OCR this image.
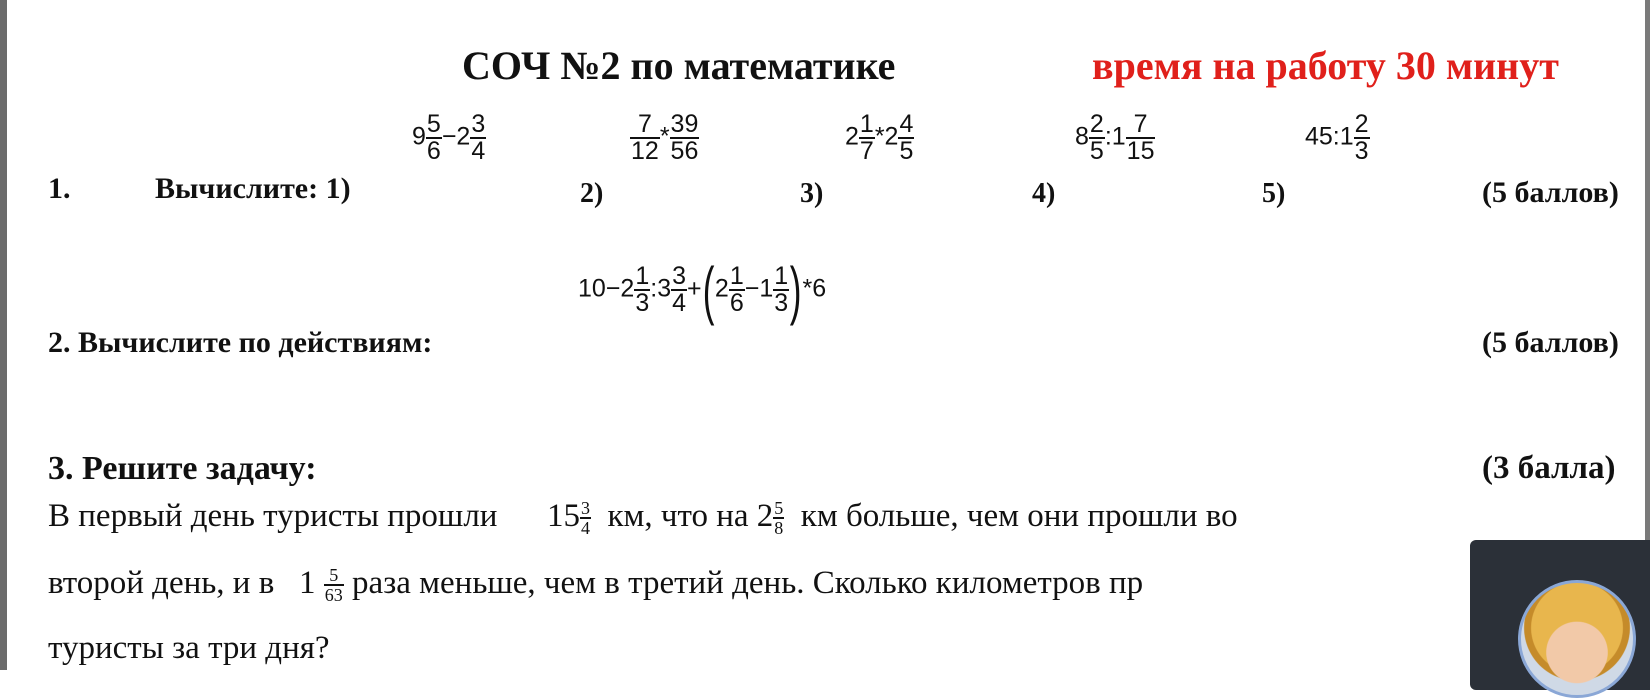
СОЧ №2 по математике	время на работу 30 минут
1.	Вычислите: 1)
$9 \frac{5}{6} -2 \frac{3}{4}$
2)
$\frac{7}{12} * \frac{39}{56}$
3)
$2 \frac{1}{7} *2 \frac{4}{5}$
4)
$8 \frac{2}{5}$ :1 $\frac{7}{15}$
5)
45:1 $\frac{2}{3}$
(5 баллов)
$10-2 \frac{1}{3}$ :3 $\frac{3}{4} +(2 \frac{1}{6} -1 \frac{1}{3} )*6$
2. Вычислите по действиям:	(5 баллов)
3. Решите задачу:	(3 балла)
В первый день туристы прошли $15 \frac{3}{4}$ км, что на $2 \frac{5}{8}$ км больше, чем они прошли во
второй день, и в $1 \frac{5}{63}$ раза меньше, чем в третий день. Сколько километров пр
туристы за три дня?
